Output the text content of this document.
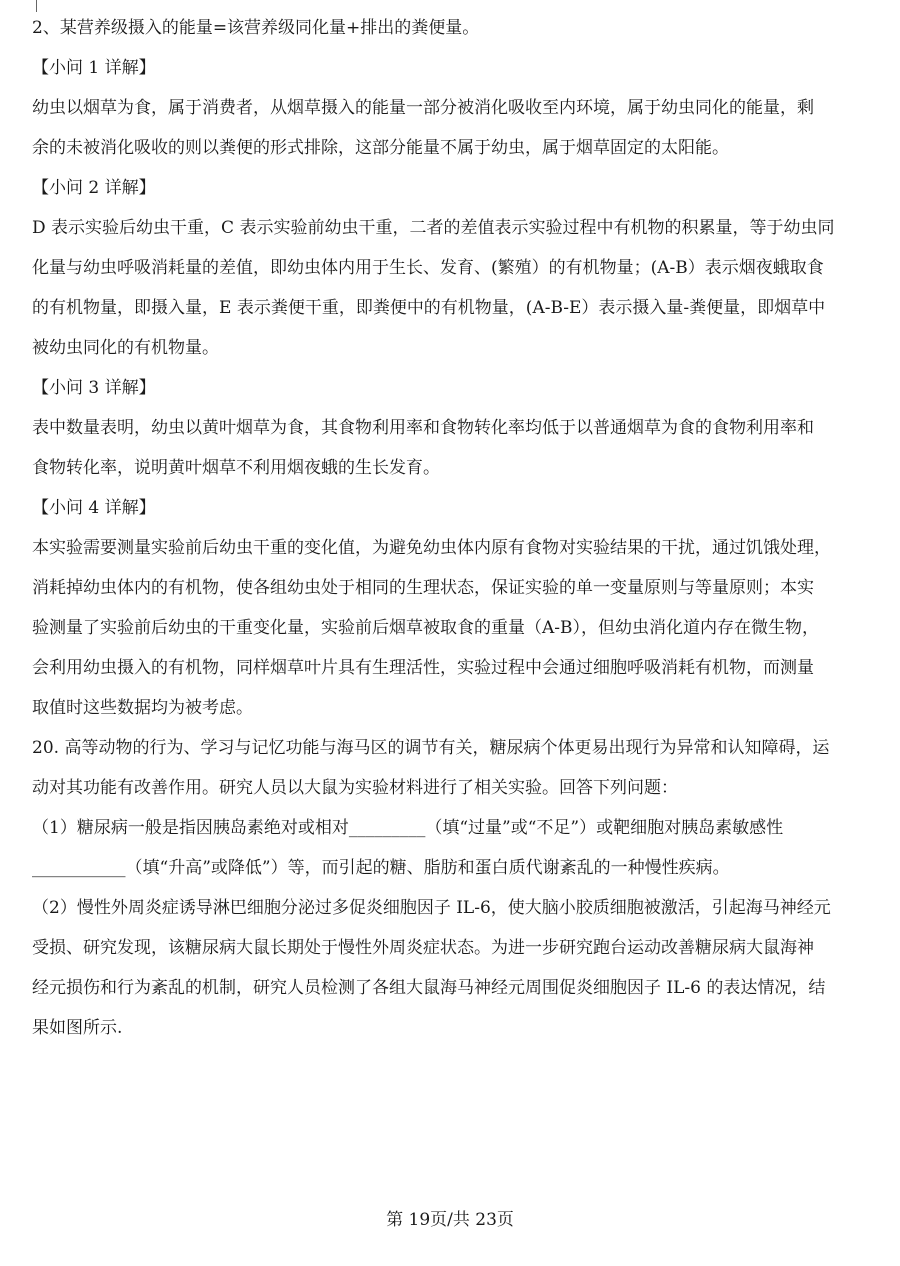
2、某营养级摄入的能量=该营养级同化量+排出的粪便量。
【小问 1 详解】
幼虫以烟草为食，属于消费者，从烟草摄入的能量一部分被消化吸收至内环境，属于幼虫同化的能量，剩
余的未被消化吸收的则以粪便的形式排除，这部分能量不属于幼虫，属于烟草固定的太阳能。
【小问 2 详解】
D 表示实验后幼虫干重，C 表示实验前幼虫干重，二者的差值表示实验过程中有机物的积累量，等于幼虫同
化量与幼虫呼吸消耗量的差值，即幼虫体内用于生长、发育、(繁殖）的有机物量；(A-B）表示烟夜蛾取食
的有机物量，即摄入量，E 表示粪便干重，即粪便中的有机物量，(A-B-E）表示摄入量-粪便量，即烟草中
被幼虫同化的有机物量。
【小问 3 详解】
表中数量表明，幼虫以黄叶烟草为食，其食物利用率和食物转化率均低于以普通烟草为食的食物利用率和
食物转化率，说明黄叶烟草不利用烟夜蛾的生长发育。
【小问 4 详解】
本实验需要测量实验前后幼虫干重的变化值，为避免幼虫体内原有食物对实验结果的干扰，通过饥饿处理，
消耗掉幼虫体内的有机物，使各组幼虫处于相同的生理状态，保证实验的单一变量原则与等量原则；本实
验测量了实验前后幼虫的干重变化量，实验前后烟草被取食的重量（A-B），但幼虫消化道内存在微生物，
会利用幼虫摄入的有机物，同样烟草叶片具有生理活性，实验过程中会通过细胞呼吸消耗有机物，而测量
取值时这些数据均为被考虑。
20. 高等动物的行为、学习与记忆功能与海马区的调节有关，糖尿病个体更易出现行为异常和认知障碍，运
动对其功能有改善作用。研究人员以大鼠为实验材料进行了相关实验。回答下列问题：
（1）糖尿病一般是指因胰岛素绝对或相对_________（填“过量”或“不足”）或靶细胞对胰岛素敏感性
___________（填“升高”或降低”）等，而引起的糖、脂肪和蛋白质代谢紊乱的一种慢性疾病。
（2）慢性外周炎症诱导淋巴细胞分泌过多促炎细胞因子 IL-6，使大脑小胶质细胞被激活，引起海马神经元
受损、研究发现，该糖尿病大鼠长期处于慢性外周炎症状态。为进一步研究跑台运动改善糖尿病大鼠海神
经元损伤和行为紊乱的机制，研究人员检测了各组大鼠海马神经元周围促炎细胞因子 IL-6 的表达情况，结
果如图所示.
第 19页/共 23页
